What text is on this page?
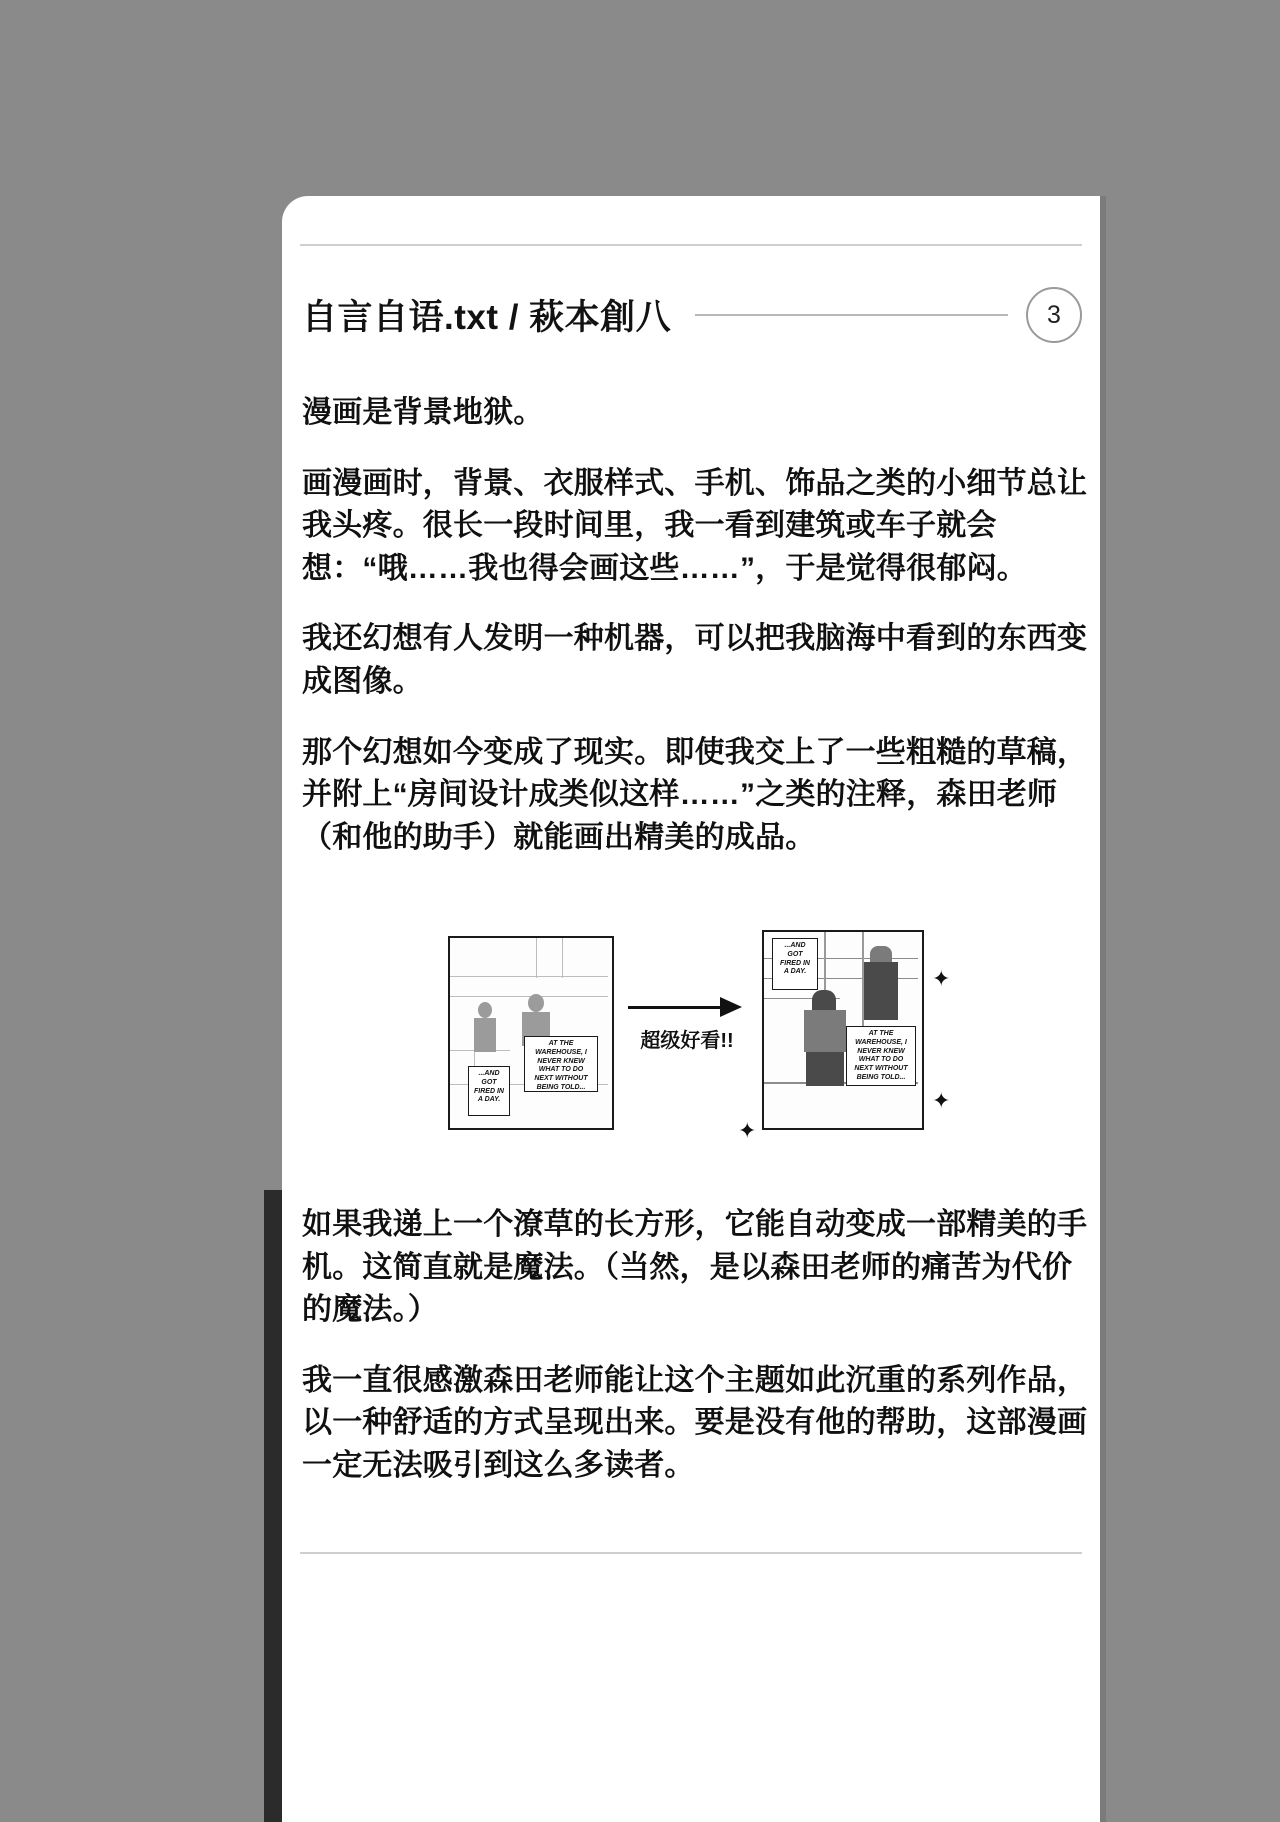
自言自语.txt / 萩本創八	3

漫画是背景地狱。

画漫画时，背景、衣服样式、手机、饰品之类的小细节总让我头疼。很长一段时间里，我一看到建筑或车子就会想：“哦……我也得会画这些……”，于是觉得很郁闷。

我还幻想有人发明一种机器，可以把我脑海中看到的东西变成图像。

那个幻想如今变成了现实。即使我交上了一些粗糙的草稿，并附上“房间设计成类似这样……”之类的注释，森田老师（和他的助手）就能画出精美的成品。

AT THE WAREHOUSE, I NEVER KNEW WHAT TO DO NEXT WITHOUT BEING TOLD...
...AND GOT FIRED IN A DAY.
超级好看!!
...AND GOT FIRED IN A DAY.
AT THE WAREHOUSE, I NEVER KNEW WHAT TO DO NEXT WITHOUT BEING TOLD...
✦
✦
✦

如果我递上一个潦草的长方形，它能自动变成一部精美的手机。这简直就是魔法。（当然，是以森田老师的痛苦为代价的魔法。）

我一直很感激森田老师能让这个主题如此沉重的系列作品，以一种舒适的方式呈现出来。要是没有他的帮助，这部漫画一定无法吸引到这么多读者。
